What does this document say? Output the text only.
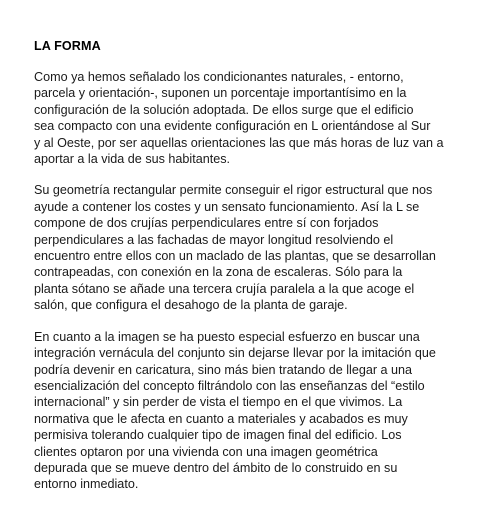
LA FORMA
Como ya hemos señalado los condicionantes naturales, - entorno,
parcela y orientación-, suponen un porcentaje importantísimo en la
configuración de la solución adoptada. De ellos surge que el edificio
sea compacto con una evidente configuración en L orientándose al Sur
y al Oeste, por ser aquellas orientaciones las que más horas de luz van a
aportar a la vida de sus habitantes.
Su geometría rectangular permite conseguir el rigor estructural que nos
ayude a contener los costes y un sensato funcionamiento. Así la L se
compone de dos crujías perpendiculares entre sí con forjados
perpendiculares a las fachadas de mayor longitud resolviendo el
encuentro entre ellos con un maclado de las plantas, que se desarrollan
contrapeadas, con conexión en la zona de escaleras. Sólo para la
planta sótano se añade una tercera crujía paralela a la que acoge el
salón, que configura el desahogo de la planta de garaje.
En cuanto a la imagen se ha puesto especial esfuerzo en buscar una
integración vernácula del conjunto sin dejarse llevar por la imitación que
podría devenir en caricatura, sino más bien tratando de llegar a una
esencialización del concepto filtrándolo con las enseñanzas del “estilo
internacional” y sin perder de vista el tiempo en el que vivimos. La
normativa que le afecta en cuanto a materiales y acabados es muy
permisiva tolerando cualquier tipo de imagen final del edificio. Los
clientes optaron por una vivienda con una imagen geométrica
depurada que se mueve dentro del ámbito de lo construido en su
entorno inmediato.
